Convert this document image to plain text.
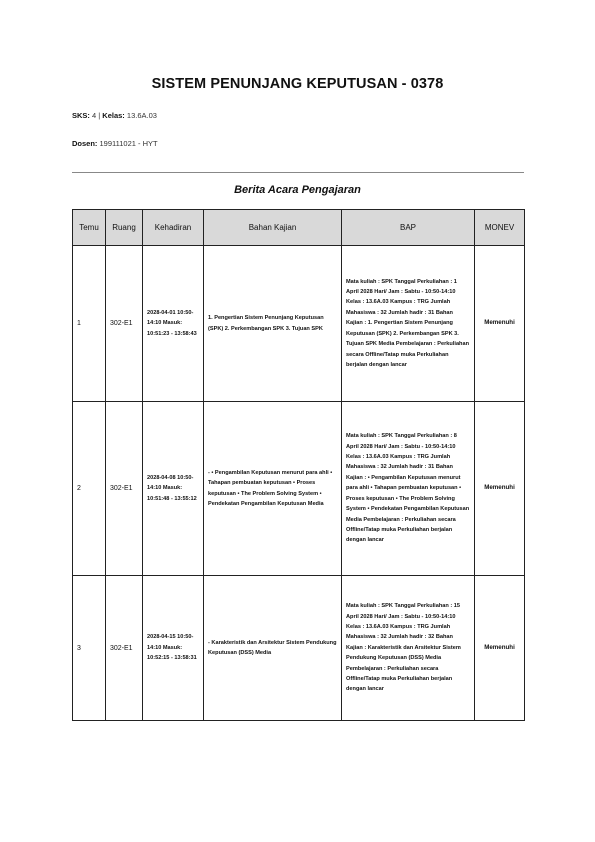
SISTEM PENUNJANG KEPUTUSAN - 0378
SKS: 4 | Kelas: 13.6A.03
Dosen: 199111021 - HYT
Berita Acara Pengajaran
Temu	Ruang	Kehadiran	Bahan Kajian	BAP	MONEV
1	302-E1	2028-04-01 10:50-14:10 Masuk: 10:51:23 - 13:58:43	1. Pengertian Sistem Penunjang Keputusan (SPK) 2. Perkembangan SPK 3. Tujuan SPK	Mata kuliah : SPK Tanggal Perkuliahan : 1 April 2028 Hari/ Jam : Sabtu - 10:50-14:10 Kelas : 13.6A.03 Kampus : TRG Jumlah Mahasiswa : 32 Jumlah hadir : 31 Bahan Kajian : 1. Pengertian Sistem Penunjang Keputusan (SPK) 2. Perkembangan SPK 3. Tujuan SPK Media Pembelajaran : Perkuliahan secara Offline/Tatap muka Perkuliahan berjalan dengan lancar	Memenuhi
2	302-E1	2028-04-08 10:50-14:10 Masuk: 10:51:48 - 13:55:12	- • Pengambilan Keputusan menurut para ahli • Tahapan pembuatan keputusan • Proses keputusan • The Problem Solving System • Pendekatan Pengambilan Keputusan Media	Mata kuliah : SPK Tanggal Perkuliahan : 8 April 2028 Hari/ Jam : Sabtu - 10:50-14:10 Kelas : 13.6A.03 Kampus : TRG Jumlah Mahasiswa : 32 Jumlah hadir : 31 Bahan Kajian : • Pengambilan Keputusan menurut para ahli • Tahapan pembuatan keputusan • Proses keputusan • The Problem Solving System • Pendekatan Pengambilan Keputusan Media Pembelajaran : Perkuliahan secara Offline/Tatap muka Perkuliahan berjalan dengan lancar	Memenuhi
3	302-E1	2028-04-15 10:50-14:10 Masuk: 10:52:15 - 13:58:31	- Karakteristik dan Arsitektur Sistem Pendukung Keputusan (DSS) Media	Mata kuliah : SPK Tanggal Perkuliahan : 15 April 2028 Hari/ Jam : Sabtu - 10:50-14:10 Kelas : 13.6A.03 Kampus : TRG Jumlah Mahasiswa : 32 Jumlah hadir : 32 Bahan Kajian : Karakteristik dan Arsitektur Sistem Pendukung Keputusan (DSS) Media Pembelajaran : Perkuliahan secara Offline/Tatap muka Perkuliahan berjalan dengan lancar	Memenuhi
